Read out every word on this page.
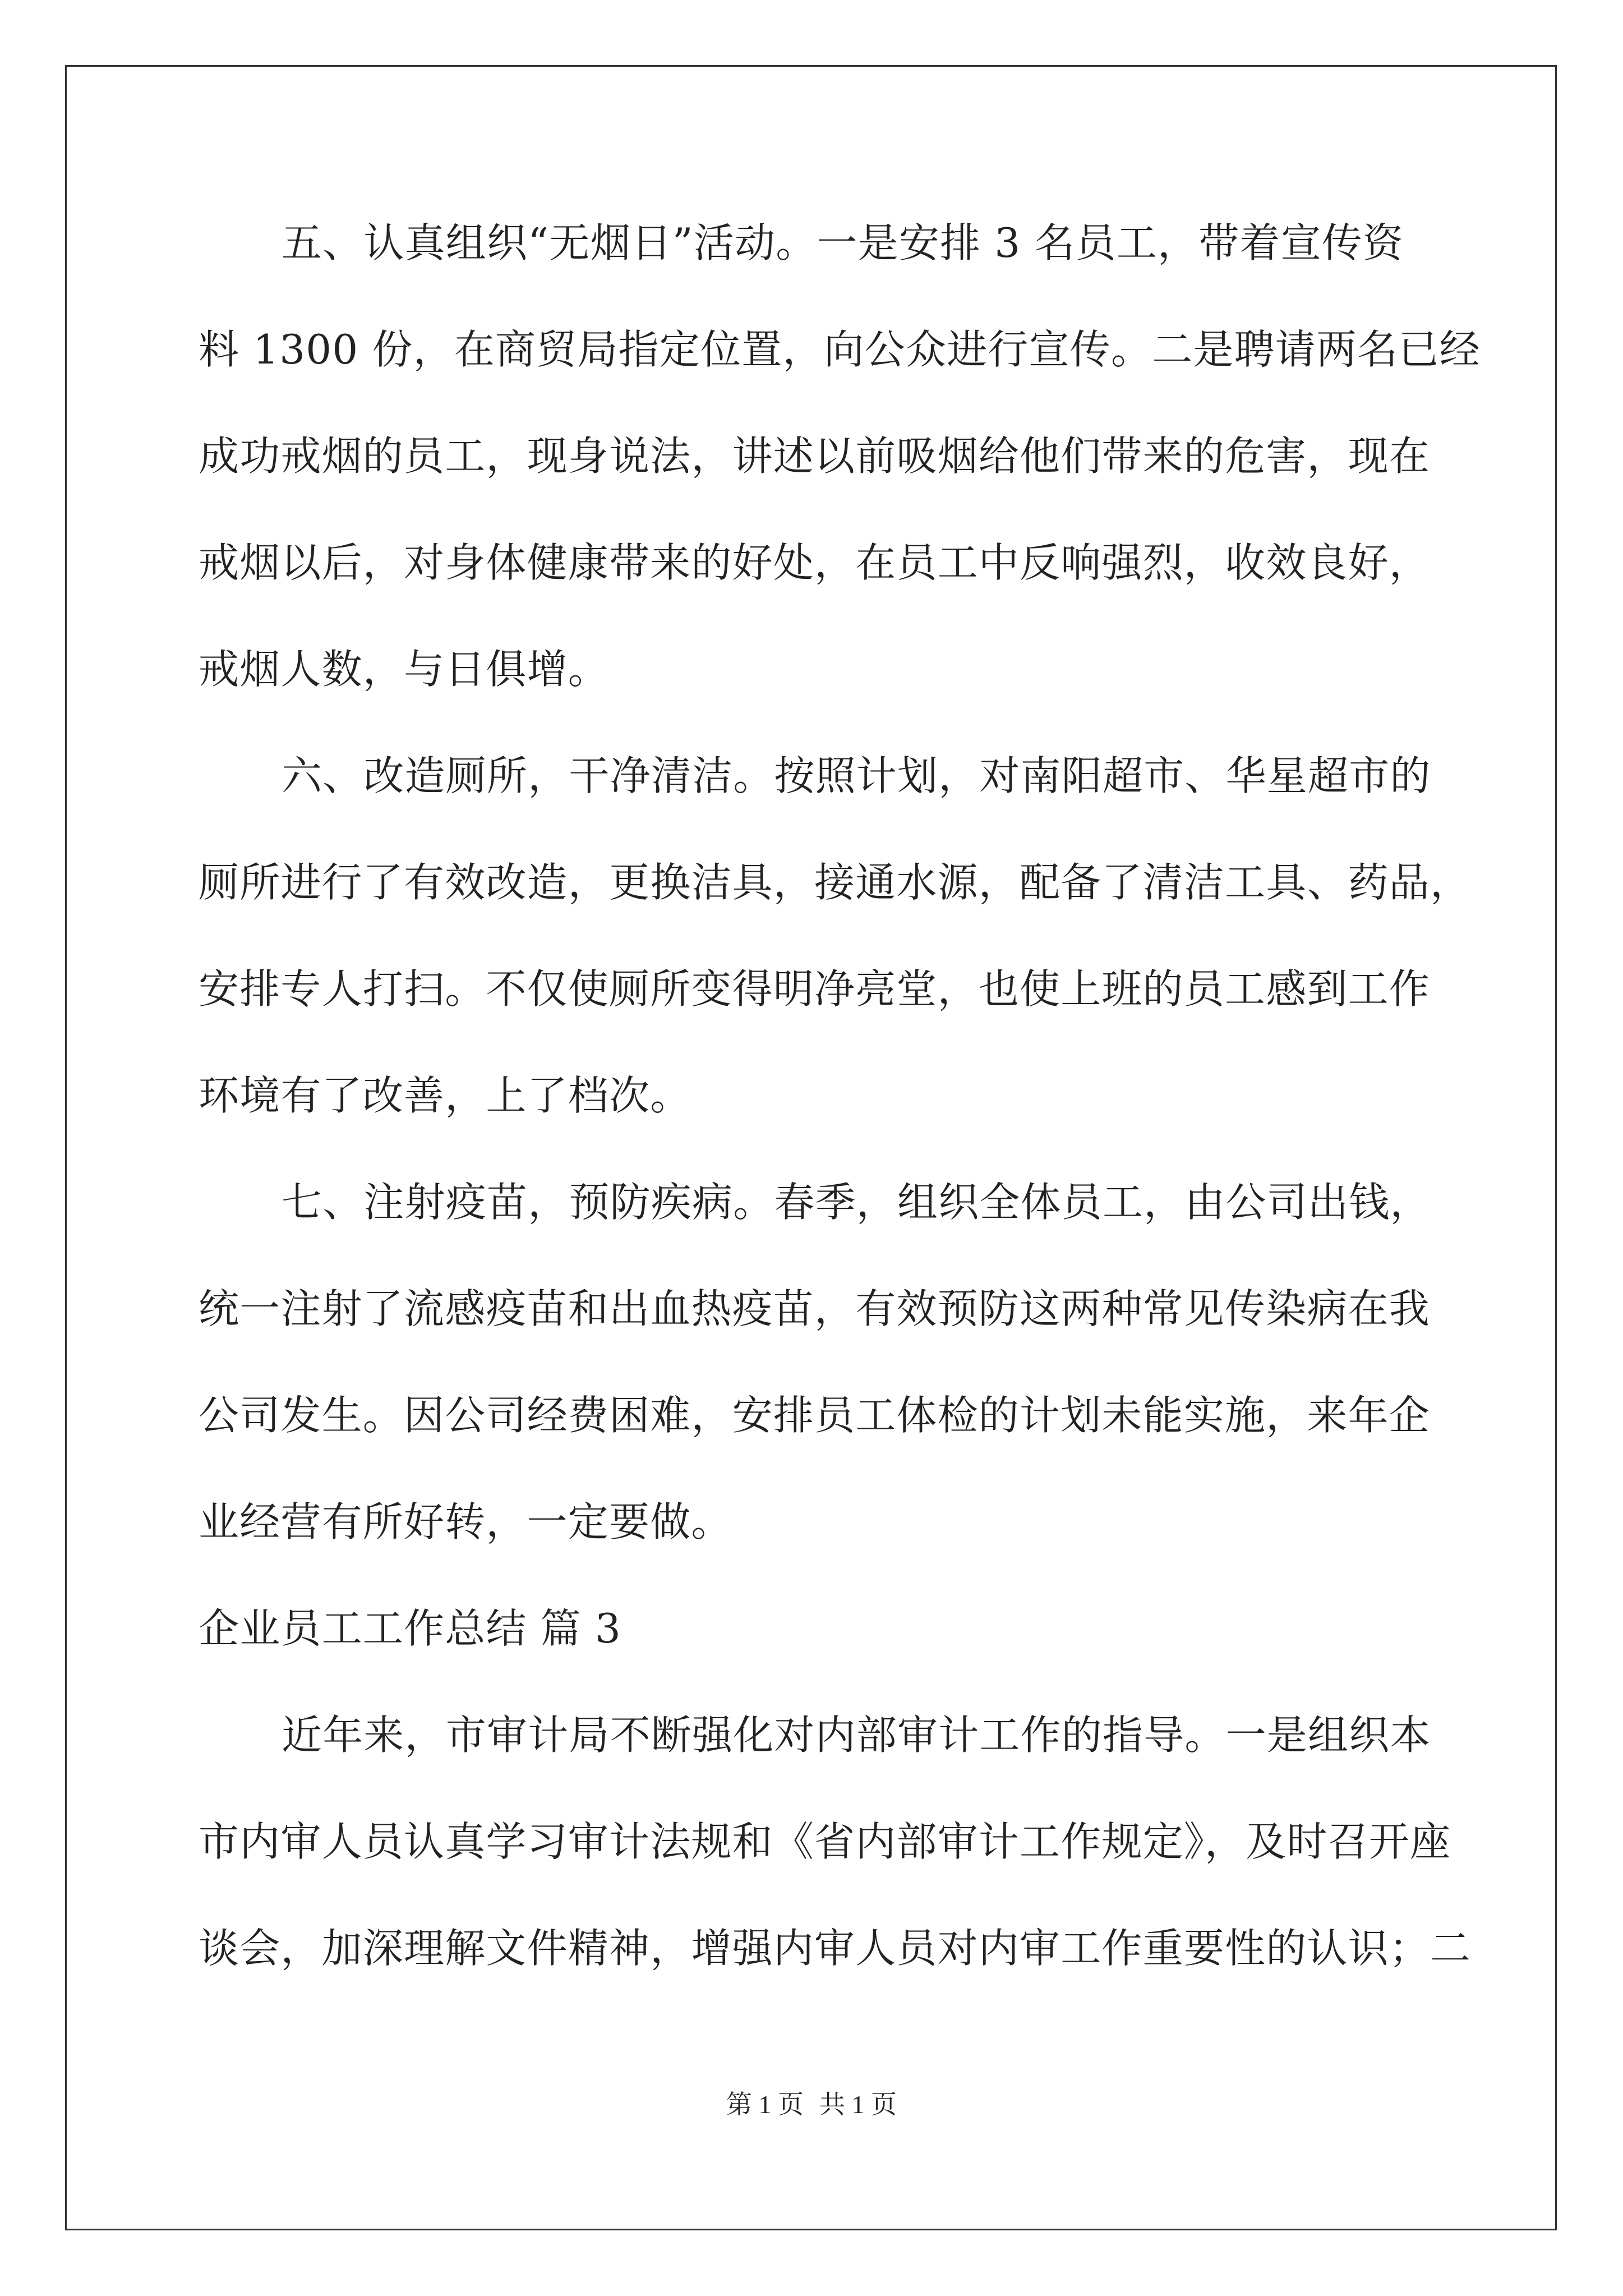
五、认真组织“无烟日”活动。一是安排 3 名员工，带着宣传资
料 1300 份，在商贸局指定位置，向公众进行宣传。二是聘请两名已经
成功戒烟的员工，现身说法，讲述以前吸烟给他们带来的危害，现在
戒烟以后，对身体健康带来的好处，在员工中反响强烈，收效良好，
戒烟人数，与日俱增。
六、改造厕所，干净清洁。按照计划，对南阳超市、华星超市的
厕所进行了有效改造，更换洁具，接通水源，配备了清洁工具、药品，
安排专人打扫。不仅使厕所变得明净亮堂，也使上班的员工感到工作
环境有了改善，上了档次。
七、注射疫苗，预防疾病。春季，组织全体员工，由公司出钱，
统一注射了流感疫苗和出血热疫苗，有效预防这两种常见传染病在我
公司发生。因公司经费困难，安排员工体检的计划未能实施，来年企
业经营有所好转，一定要做。
企业员工工作总结 篇 3
近年来，市审计局不断强化对内部审计工作的指导。一是组织本
市内审人员认真学习审计法规和《省内部审计工作规定》，及时召开座
谈会，加深理解文件精神，增强内审人员对内审工作重要性的认识；二
第 1 页 共 1 页
